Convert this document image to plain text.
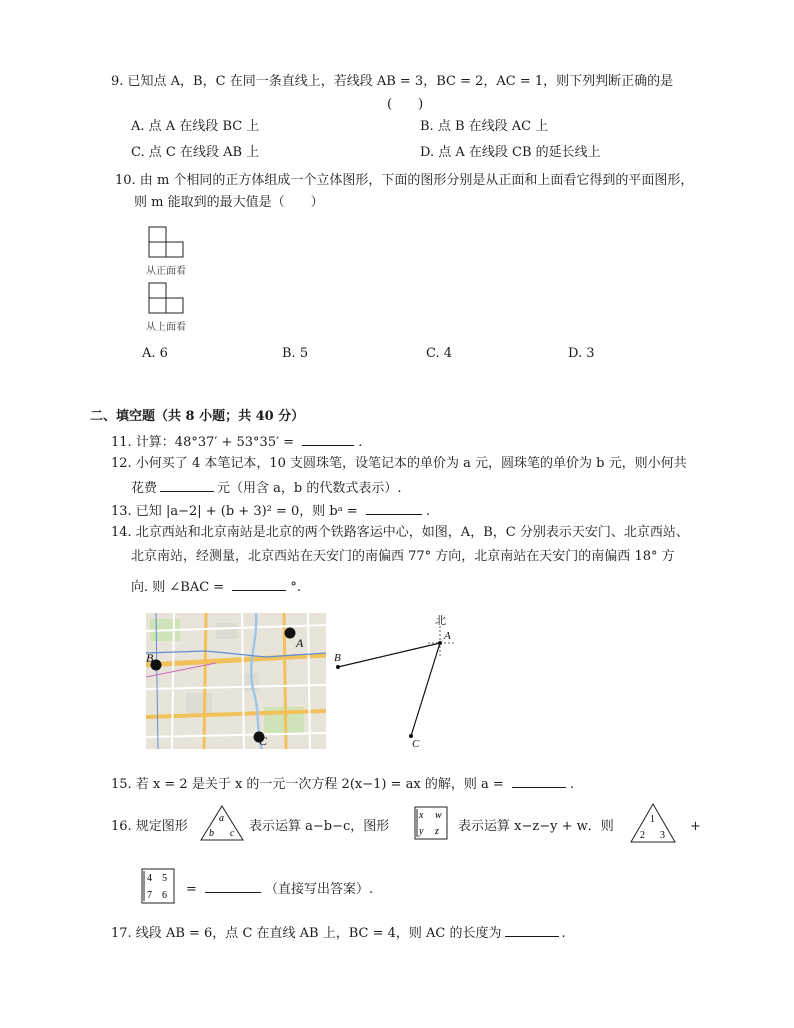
9. 已知点 A，B，C 在同一条直线上，若线段 AB = 3，BC = 2，AC = 1，则下列判断正确的是
(　　)
A. 点 A 在线段 BC 上	B. 点 B 在线段 AC 上
C. 点 C 在线段 AB 上	D. 点 A 在线段 CB 的延长线上
10. 由 m 个相同的正方体组成一个立体图形，下面的图形分别是从正面和上面看它得到的平面图形，
则 m 能取到的最大值是（　　）
从正面看
从上面看
A. 6	B. 5	C. 4	D. 3
二、填空题（共 8 小题；共 40 分）
11. 计算：48°37′ + 53°35′ =	.
12. 小何买了 4 本笔记本，10 支圆珠笔，设笔记本的单价为 a 元，圆珠笔的单价为 b 元，则小何共
花费	元（用含 a，b 的代数式表示）.
13. 已知 |a−2| + (b + 3)² = 0，则 bᵃ =	.
14. 北京西站和北京南站是北京的两个铁路客运中心，如图，A，B，C 分别表示天安门、北京西站、
北京南站，经测量，北京西站在天安门的南偏西 77° 方向，北京南站在天安门的南偏西 18° 方
向. 则 ∠BAC =	°.
A
B
C
北
A
B
C
15. 若 x = 2 是关于 x 的一元一次方程 2(x−1) = ax 的解，则 a =	.
16. 规定图形
a
b c 表示运算 a−b−c，图形
x w
y z 表示运算 x−z−y + w．则	1
2 3
+
4 5
7 6 =	（直接写出答案）.
17. 线段 AB = 6，点 C 在直线 AB 上，BC = 4，则 AC 的长度为	.
